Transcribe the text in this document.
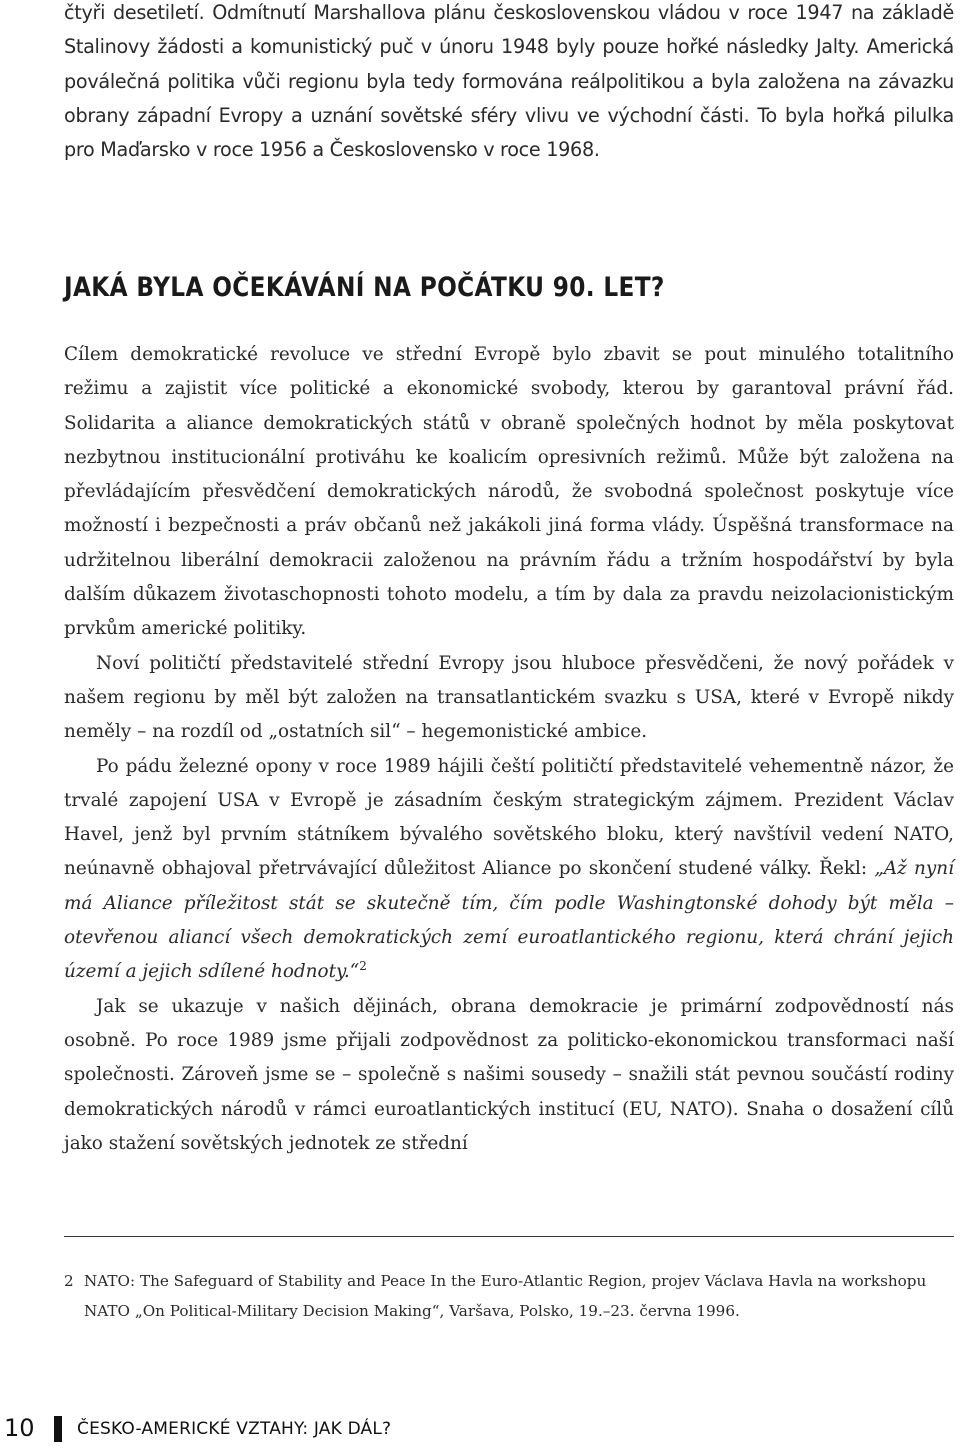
čtyři desetiletí. Odmítnutí Marshallova plánu československou vládou v roce 1947 na základě Stalinovy žádosti a komunistický puč v únoru 1948 byly pouze hořké následky Jalty. Americká poválečná politika vůči regionu byla tedy formována reálpolitikou a byla založena na závazku obrany západní Evropy a uznání sovětské sféry vlivu ve východní části. To byla hořká pilulka pro Maďarsko v roce 1956 a Československo v roce 1968.

JAKÁ BYLA OČEKÁVÁNÍ NA POČÁTKU 90. LET?

Cílem demokratické revoluce ve střední Evropě bylo zbavit se pout minulého totalitního režimu a zajistit více politické a ekonomické svobody, kterou by garantoval právní řád. Solidarita a aliance demokratických států v obraně společných hodnot by měla poskytovat nezbytnou institucionální protiváhu ke koalicím opresivních režimů. Může být založena na převládajícím přesvědčení demokratických národů, že svobodná společnost poskytuje více možností i bezpečnosti a práv občanů než jakákoli jiná forma vlády. Úspěšná transformace na udržitelnou liberální demokracii založenou na právním řádu a tržním hospodářství by byla dalším důkazem životaschopnosti tohoto modelu, a tím by dala za pravdu neizolacionistickým prvkům americké politiky.

Noví političtí představitelé střední Evropy jsou hluboce přesvědčeni, že nový pořádek v našem regionu by měl být založen na transatlantickém svazku s USA, které v Evropě nikdy neměly – na rozdíl od „ostatních sil“ – hegemonistické ambice.

Po pádu železné opony v roce 1989 hájili čeští političtí představitelé vehementně názor, že trvalé zapojení USA v Evropě je zásadním českým strategickým zájmem. Prezident Václav Havel, jenž byl prvním státníkem bývalého sovětského bloku, který navštívil vedení NATO, neúnavně obhajoval přetrvávající důležitost Aliance po skončení studené války. Řekl: „Až nyní má Aliance příležitost stát se skutečně tím, čím podle Washingtonské dohody být měla – otevřenou aliancí všech demokratických zemí euroatlantického regionu, která chrání jejich území a jejich sdílené hodnoty.“$^2$

Jak se ukazuje v našich dějinách, obrana demokracie je primární zodpovědností nás osobně. Po roce 1989 jsme přijali zodpovědnost za politicko-ekonomickou transformaci naší společnosti. Zároveň jsme se – společně s našimi sousedy – snažili stát pevnou součástí rodiny demokratických národů v rámci euroatlantických institucí (EU, NATO). Snaha o dosažení cílů jako stažení sovětských jednotek ze střední

2 NATO: The Safeguard of Stability and Peace In the Euro-Atlantic Region, projev Václava Havla na workshopu NATO „On Political-Military Decision Making“, Varšava, Polsko, 19.–23. června 1996.

10 ČESKO-AMERICKÉ VZTAHY: JAK DÁL?
